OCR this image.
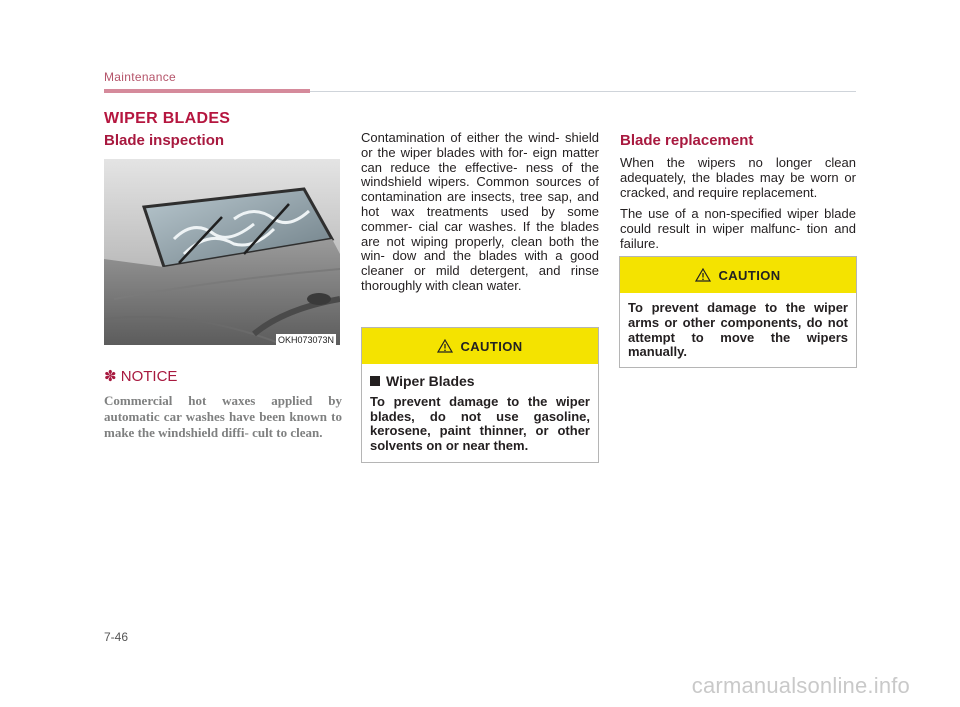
Maintenance
WIPER BLADES
Blade inspection
OKH073073N
✽ NOTICE
Commercial hot waxes applied by automatic car washes have been known to make the windshield diffi- cult to clean.
Contamination of either the wind- shield or the wiper blades with for- eign matter can reduce the effective- ness of the windshield wipers. Common sources of contamination are insects, tree sap, and hot wax treatments used by some commer- cial car washes. If the blades are not wiping properly, clean both the win- dow and the blades with a good cleaner or mild detergent, and rinse thoroughly with clean water.
CAUTION
Wiper Blades
To prevent damage to the wiper blades, do not use gasoline, kerosene, paint thinner, or other solvents on or near them.
Blade replacement
When the wipers no longer clean adequately, the blades may be worn or cracked, and require replacement.
The use of a non-specified wiper blade could result in wiper malfunc- tion and failure.
CAUTION
To prevent damage to the wiper arms or other components, do not attempt to move the wipers manually.
7-46
carmanualsonline.info
